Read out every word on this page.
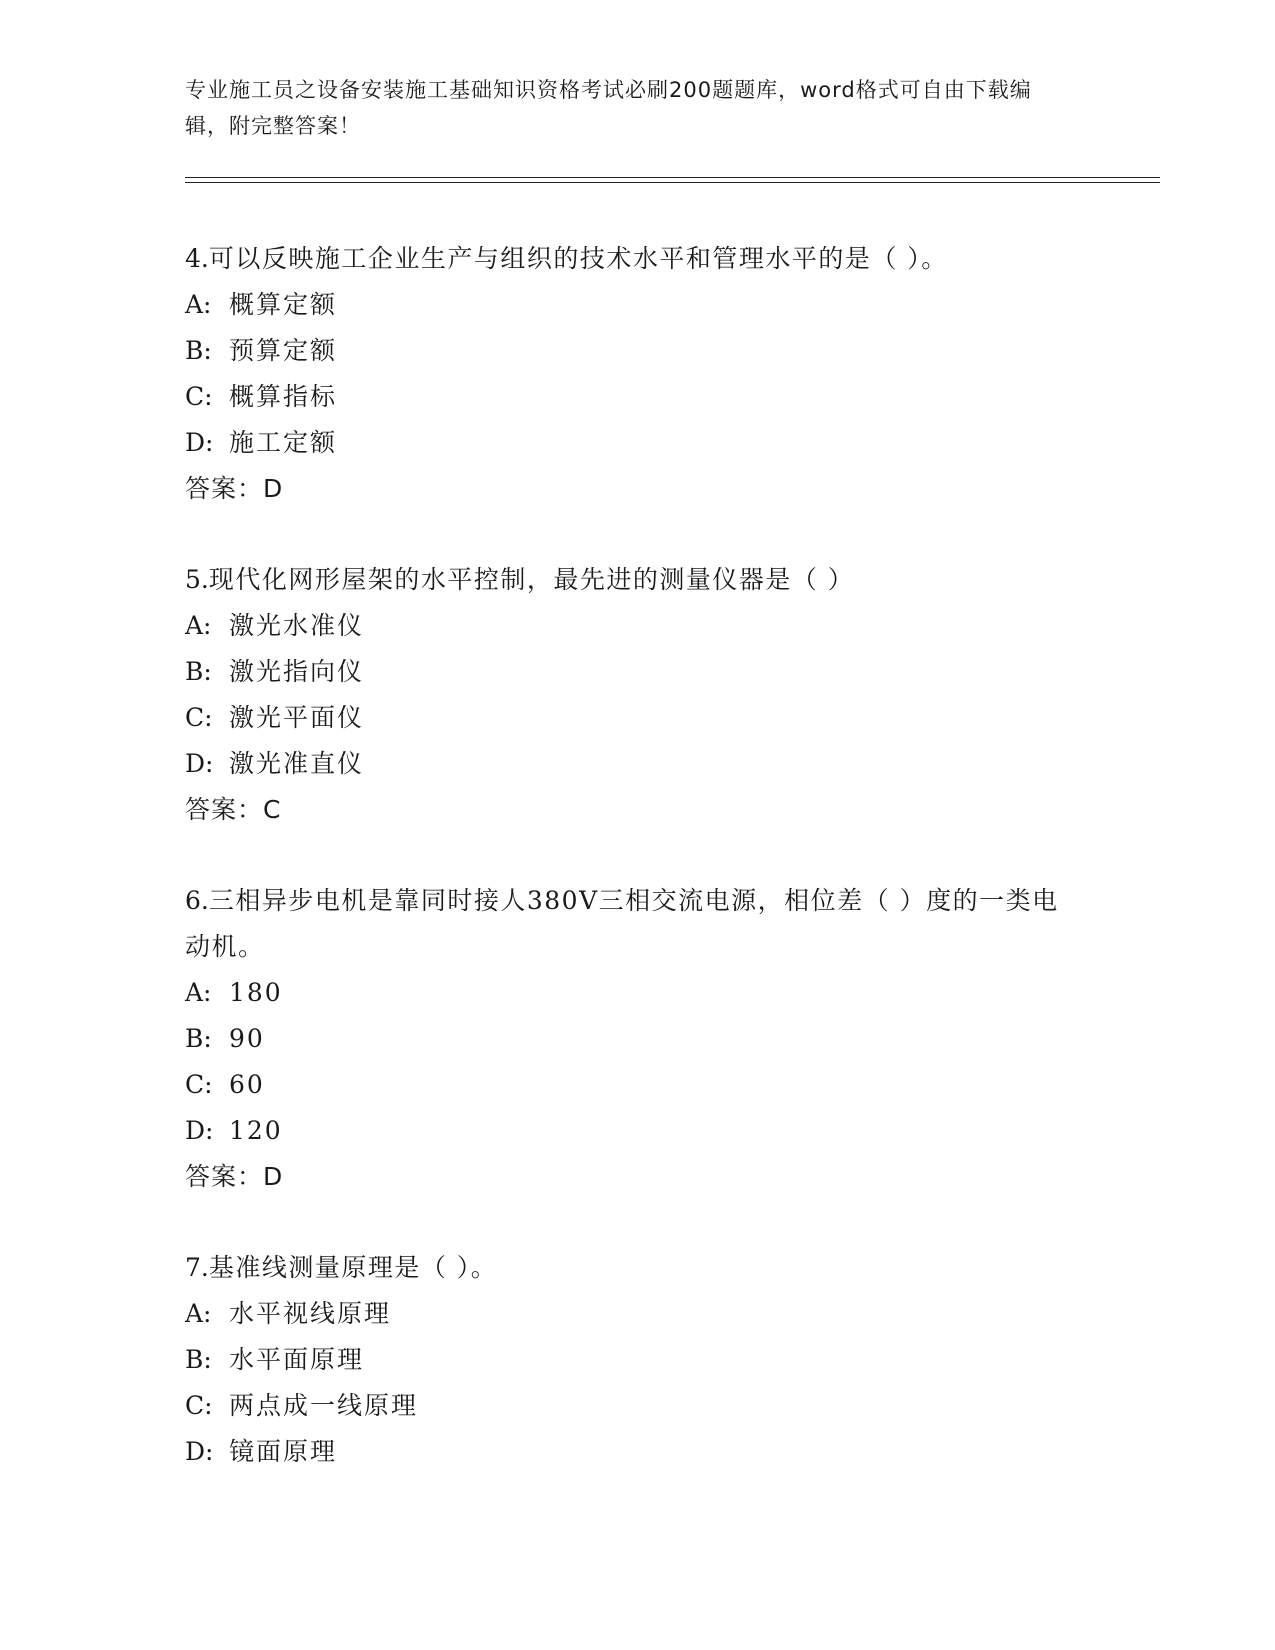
专业施工员之设备安装施工基础知识资格考试必刷200题题库，word格式可自由下载编辑，附完整答案！

4.可以反映施工企业生产与组织的技术水平和管理水平的是（ ）。

A: 概算定额

B: 预算定额

C: 概算指标

D: 施工定额

答案：D

5.现代化网形屋架的水平控制，最先进的测量仪器是（ ）

A: 激光水准仪

B: 激光指向仪

C: 激光平面仪

D: 激光准直仪

答案：C

6.三相异步电机是靠同时接人380V三相交流电源，相位差（ ）度的一类电动机。

A: 180

B: 90

C: 60

D: 120

答案：D

7.基准线测量原理是（ ）。

A: 水平视线原理

B: 水平面原理

C: 两点成一线原理

D: 镜面原理
